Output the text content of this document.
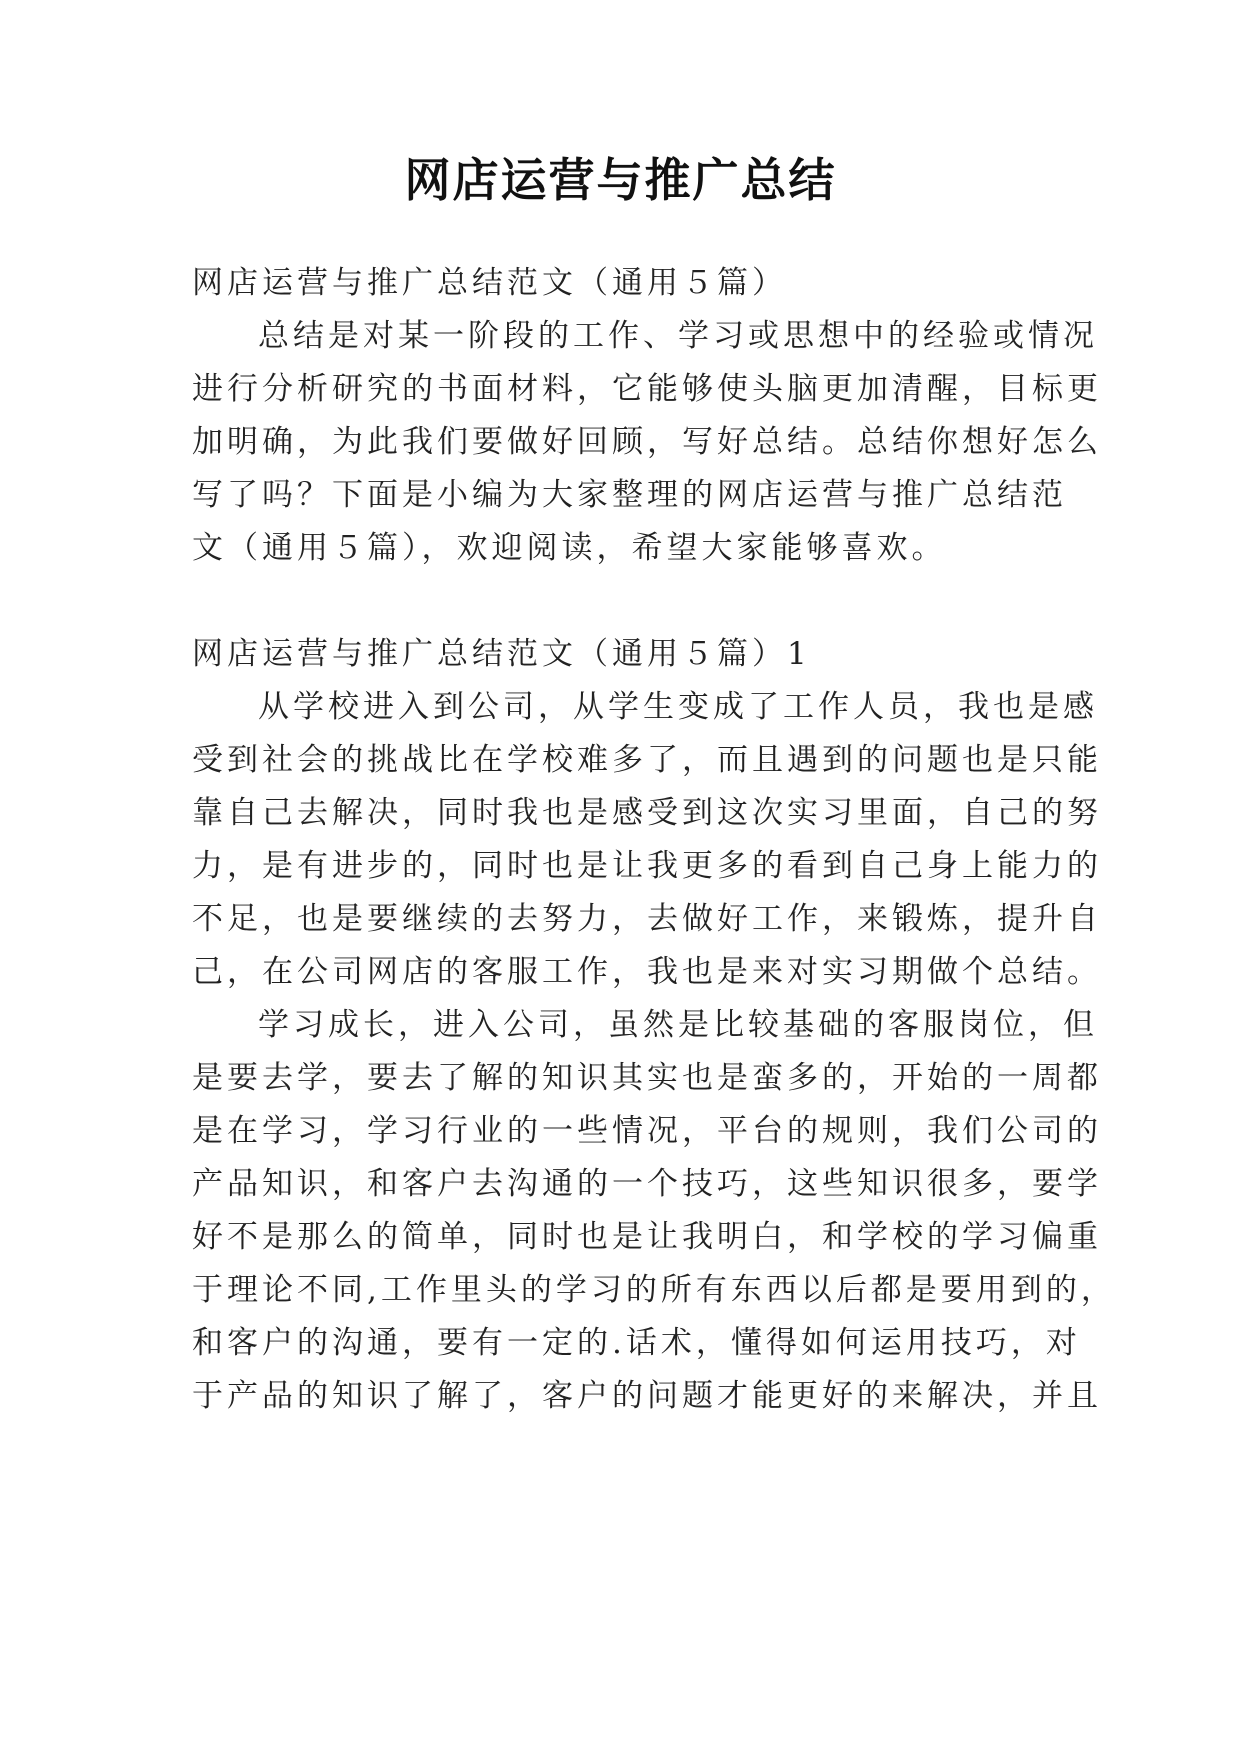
网店运营与推广总结
网店运营与推广总结范文（通用５篇）
总结是对某一阶段的工作、学习或思想中的经验或情况
进行分析研究的书面材料，它能够使头脑更加清醒，目标更
加明确，为此我们要做好回顾，写好总结。总结你想好怎么
写了吗？下面是小编为大家整理的网店运营与推广总结范
文（通用５篇），欢迎阅读，希望大家能够喜欢。
网店运营与推广总结范文（通用５篇）1
从学校进入到公司，从学生变成了工作人员，我也是感
受到社会的挑战比在学校难多了，而且遇到的问题也是只能
靠自己去解决，同时我也是感受到这次实习里面，自己的努
力，是有进步的，同时也是让我更多的看到自己身上能力的
不足，也是要继续的去努力，去做好工作，来锻炼，提升自
己，在公司网店的客服工作，我也是来对实习期做个总结。
学习成长，进入公司，虽然是比较基础的客服岗位，但
是要去学，要去了解的知识其实也是蛮多的，开始的一周都
是在学习，学习行业的一些情况，平台的规则，我们公司的
产品知识，和客户去沟通的一个技巧，这些知识很多，要学
好不是那么的简单，同时也是让我明白，和学校的学习偏重
于理论不同,工作里头的学习的所有东西以后都是要用到的，
和客户的沟通，要有一定的.话术，懂得如何运用技巧，对
于产品的知识了解了，客户的问题才能更好的来解决，并且
